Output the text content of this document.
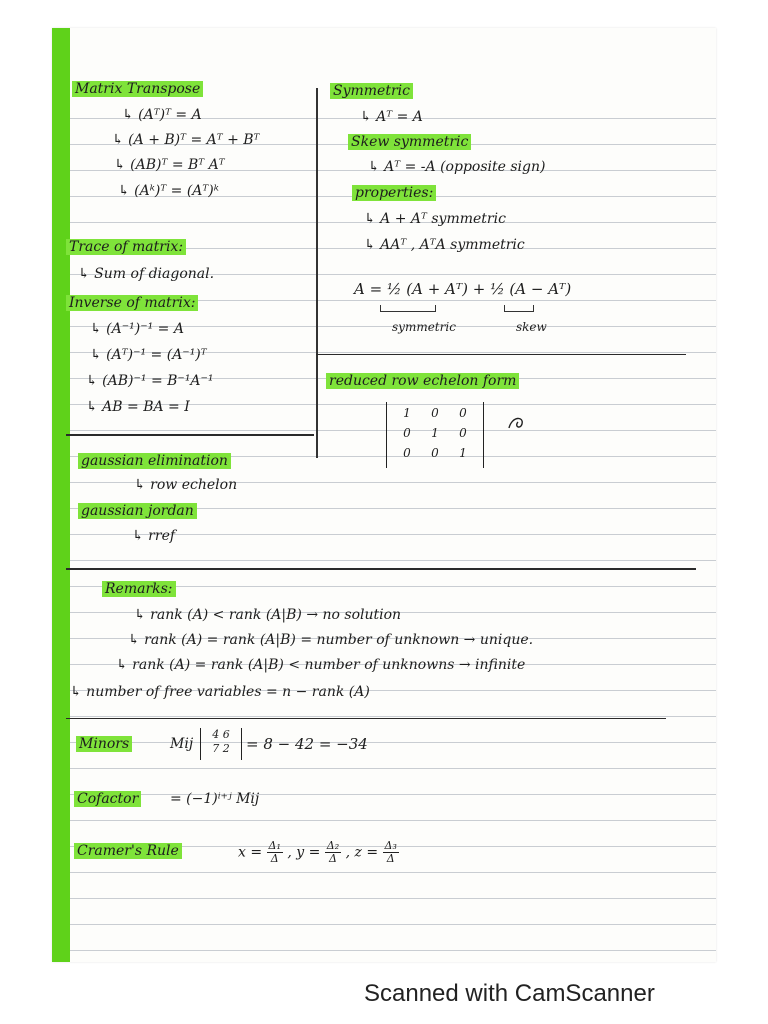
Matrix Transpose
↳ (Aᵀ)ᵀ = A
↳ (A + B)ᵀ = Aᵀ + Bᵀ
↳ (AB)ᵀ = Bᵀ Aᵀ
↳ (Aᵏ)ᵀ = (Aᵀ)ᵏ
Trace of matrix:
↳ Sum of diagonal.
Inverse of matrix:
↳ (A⁻¹)⁻¹ = A
↳ (Aᵀ)⁻¹ = (A⁻¹)ᵀ
↳ (AB)⁻¹ = B⁻¹A⁻¹
↳ AB = BA = I
gaussian elimination
↳ row echelon
gaussian jordan
↳ rref
Symmetric
↳ Aᵀ = A
Skew symmetric
↳ Aᵀ = -A (opposite sign)
properties:
↳ A + Aᵀ symmetric
↳ AAᵀ , AᵀA symmetric
A = ½ (A + Aᵀ) + ½ (A − Aᵀ)
symmetric	skew
reduced row echelon form
1 0 0
0 1 0
0 0 1
Remarks:
↳ rank (A) < rank (A|B) → no solution
↳ rank (A) = rank (A|B) = number of unknown → unique.
↳ rank (A) = rank (A|B) < number of unknowns → infinite
↳ number of free variables = n − rank (A)
Minors	Mij
4 6
7 2	= 8 − 42 = −34
Cofactor = (−1)ⁱ⁺ʲ Mij
Cramer's Rule	$x = \frac{\text{Δ₁}}{\Delta}$ , $y = \frac{\text{Δ₂}}{\Delta}$ , $z = \frac{\text{Δ₃}}{\Delta}$
Scanned with CamScanner
